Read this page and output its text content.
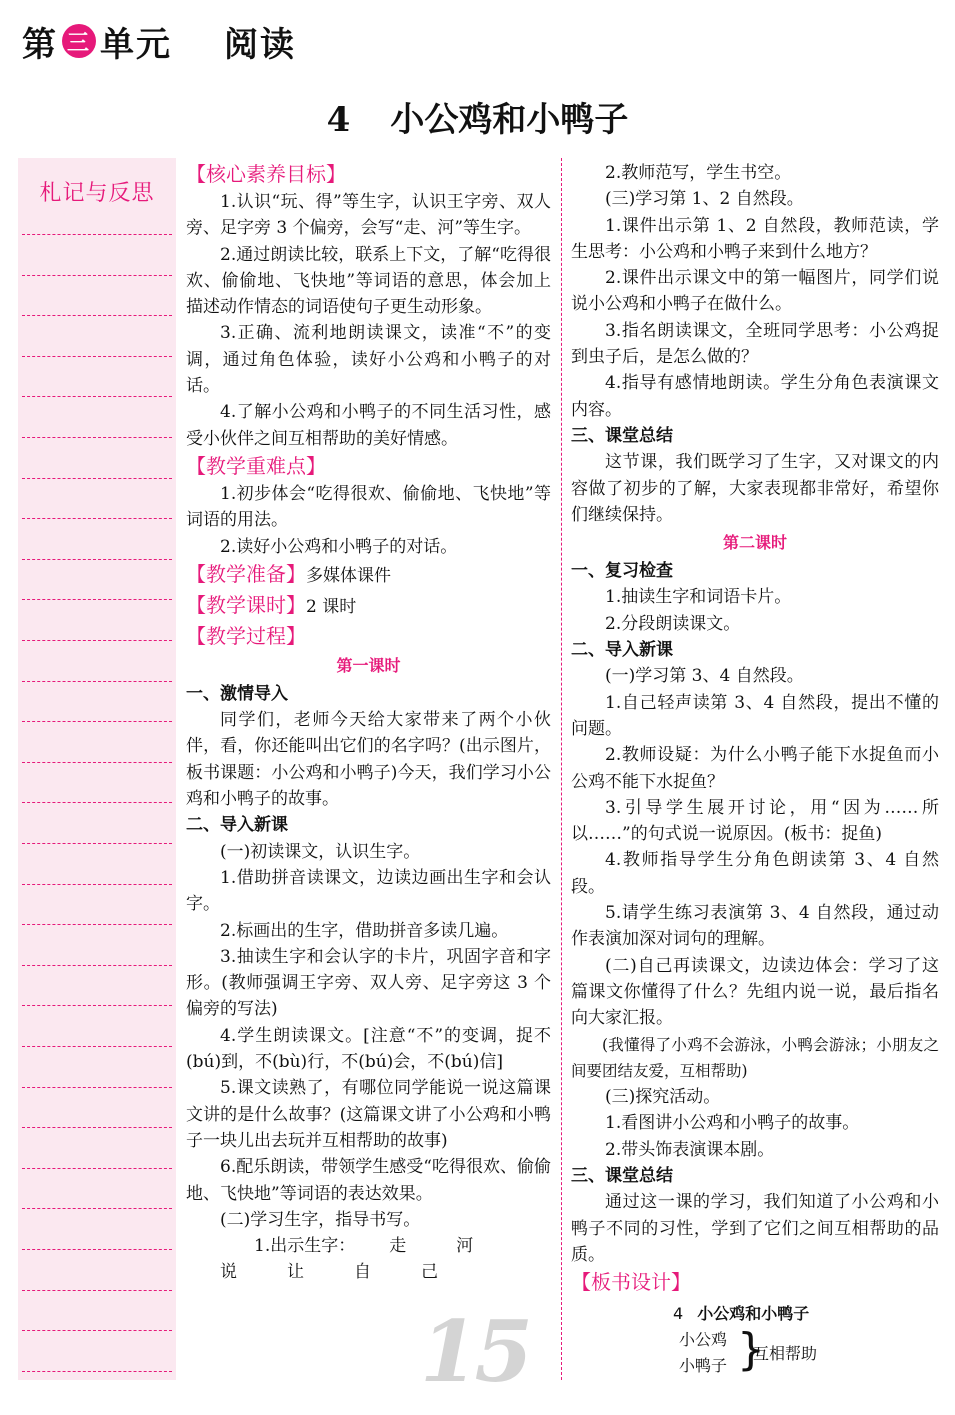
第 三 单元 阅读
4 小公鸡和小鸭子
札记与反思

【核心素养目标】

1.认识“玩、得”等生字，认识王字旁、双人旁、足字旁 3 个偏旁，会写“走、河”等生字。

2.通过朗读比较，联系上下文，了解“吃得很欢、偷偷地、飞快地”等词语的意思，体会加上描述动作情态的词语使句子更生动形象。

3.正确、流利地朗读课文，读准“不”的变调，通过角色体验，读好小公鸡和小鸭子的对话。

4.了解小公鸡和小鸭子的不同生活习性，感受小伙伴之间互相帮助的美好情感。

【教学重难点】

1.初步体会“吃得很欢、偷偷地、飞快地”等词语的用法。

2.读好小公鸡和小鸭子的对话。

【教学准备】多媒体课件

【教学课时】2 课时

【教学过程】

第一课时

一、激情导入

同学们，老师今天给大家带来了两个小伙伴，看，你还能叫出它们的名字吗？(出示图片，板书课题：小公鸡和小鸭子)今天，我们学习小公鸡和小鸭子的故事。

二、导入新课

(一)初读课文，认识生字。

1.借助拼音读课文，边读边画出生字和会认字。

2.标画出的生字，借助拼音多读几遍。

3.抽读生字和会认字的卡片，巩固字音和字形。(教师强调王字旁、双人旁、足字旁这 3 个偏旁的写法)

4.学生朗读课文。[注意“不”的变调，捉不(bú)到，不(bù)行，不(bú)会，不(bú)信]

5.课文读熟了，有哪位同学能说一说这篇课文讲的是什么故事？(这篇课文讲了小公鸡和小鸭子一块儿出去玩并互相帮助的故事)

6.配乐朗读，带领学生感受“吃得很欢、偷偷地、飞快地”等词语的表达效果。

(二)学习生字，指导书写。

1.出示生字： 走	河说	让	自	己

2.教师范写，学生书空。

(三)学习第 1、2 自然段。

1.课件出示第 1、2 自然段，教师范读，学生思考：小公鸡和小鸭子来到什么地方？

2.课件出示课文中的第一幅图片，同学们说说小公鸡和小鸭子在做什么。

3.指名朗读课文，全班同学思考：小公鸡捉到虫子后，是怎么做的？

4.指导有感情地朗读。学生分角色表演课文内容。

三、课堂总结

这节课，我们既学习了生字，又对课文的内容做了初步的了解，大家表现都非常好，希望你们继续保持。

第二课时

一、复习检查

1.抽读生字和词语卡片。

2.分段朗读课文。

二、导入新课

(一)学习第 3、4 自然段。

1.自己轻声读第 3、4 自然段，提出不懂的问题。

2.教师设疑：为什么小鸭子能下水捉鱼而小公鸡不能下水捉鱼？

3.引导学生展开讨论，用“因为……所以……”的句式说一说原因。(板书：捉鱼)

4.教师指导学生分角色朗读第 3、4 自然段。

5.请学生练习表演第 3、4 自然段，通过动作表演加深对词句的理解。

(二)自己再读课文，边读边体会：学习了这篇课文你懂得了什么？先组内说一说，最后指名向大家汇报。

(我懂得了小鸡不会游泳，小鸭会游泳；小朋友之间要团结友爱，互相帮助)

(三)探究活动。

1.看图讲小公鸡和小鸭子的故事。

2.带头饰表演课本剧。

三、课堂总结

通过这一课的学习，我们知道了小公鸡和小鸭子不同的习性，学到了它们之间互相帮助的品质。

【板书设计】

4 小公鸡和小鸭子
小公鸡
小鸭子 }
互相帮助
15
